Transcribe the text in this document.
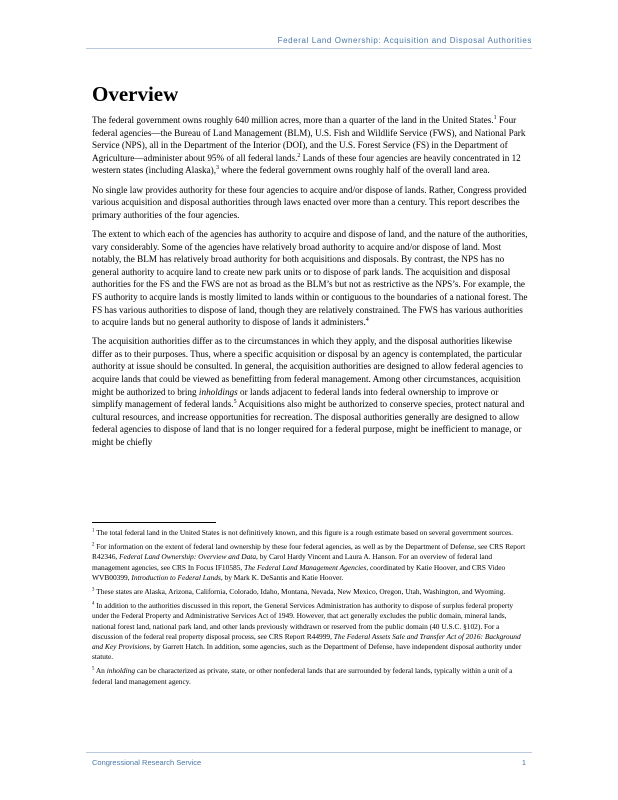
Federal Land Ownership: Acquisition and Disposal Authorities
Overview

The federal government owns roughly 640 million acres, more than a quarter of the land in the United States.$^1$ Four federal agencies—the Bureau of Land Management (BLM), U.S. Fish and Wildlife Service (FWS), and National Park Service (NPS), all in the Department of the Interior (DOI), and the U.S. Forest Service (FS) in the Department of Agriculture—administer about 95% of all federal lands.$^2$ Lands of these four agencies are heavily concentrated in 12 western states (including Alaska),$^3$ where the federal government owns roughly half of the overall land area.

No single law provides authority for these four agencies to acquire and/or dispose of lands. Rather, Congress provided various acquisition and disposal authorities through laws enacted over more than a century. This report describes the primary authorities of the four agencies.

The extent to which each of the agencies has authority to acquire and dispose of land, and the nature of the authorities, vary considerably. Some of the agencies have relatively broad authority to acquire and/or dispose of land. Most notably, the BLM has relatively broad authority for both acquisitions and disposals. By contrast, the NPS has no general authority to acquire land to create new park units or to dispose of park lands. The acquisition and disposal authorities for the FS and the FWS are not as broad as the BLM’s but not as restrictive as the NPS’s. For example, the FS authority to acquire lands is mostly limited to lands within or contiguous to the boundaries of a national forest. The FS has various authorities to dispose of land, though they are relatively constrained. The FWS has various authorities to acquire lands but no general authority to dispose of lands it administers.$^4$

The acquisition authorities differ as to the circumstances in which they apply, and the disposal authorities likewise differ as to their purposes. Thus, where a specific acquisition or disposal by an agency is contemplated, the particular authority at issue should be consulted. In general, the acquisition authorities are designed to allow federal agencies to acquire lands that could be viewed as benefitting from federal management. Among other circumstances, acquisition might be authorized to bring inholdings or lands adjacent to federal lands into federal ownership to improve or simplify management of federal lands.$^5$ Acquisitions also might be authorized to conserve species, protect natural and cultural resources, and increase opportunities for recreation. The disposal authorities generally are designed to allow federal agencies to dispose of land that is no longer required for a federal purpose, might be inefficient to manage, or might be chiefly

$^1$ The total federal land in the United States is not definitively known, and this figure is a rough estimate based on several government sources.

$^2$ For information on the extent of federal land ownership by these four federal agencies, as well as by the Department of Defense, see CRS Report R42346, Federal Land Ownership: Overview and Data, by Carol Hardy Vincent and Laura A. Hanson. For an overview of federal land management agencies, see CRS In Focus IF10585, The Federal Land Management Agencies, coordinated by Katie Hoover, and CRS Video WVB00399, Introduction to Federal Lands, by Mark K. DeSantis and Katie Hoover.

$^3$ These states are Alaska, Arizona, California, Colorado, Idaho, Montana, Nevada, New Mexico, Oregon, Utah, Washington, and Wyoming.

$^4$ In addition to the authorities discussed in this report, the General Services Administration has authority to dispose of surplus federal property under the Federal Property and Administrative Services Act of 1949. However, that act generally excludes the public domain, mineral lands, national forest land, national park land, and other lands previously withdrawn or reserved from the public domain (40 U.S.C. §102). For a discussion of the federal real property disposal process, see CRS Report R44999, The Federal Assets Sale and Transfer Act of 2016: Background and Key Provisions, by Garrett Hatch. In addition, some agencies, such as the Department of Defense, have independent disposal authority under statute.

$^5$ An inholding can be characterized as private, state, or other nonfederal lands that are surrounded by federal lands, typically within a unit of a federal land management agency.

Congressional Research Service	1
